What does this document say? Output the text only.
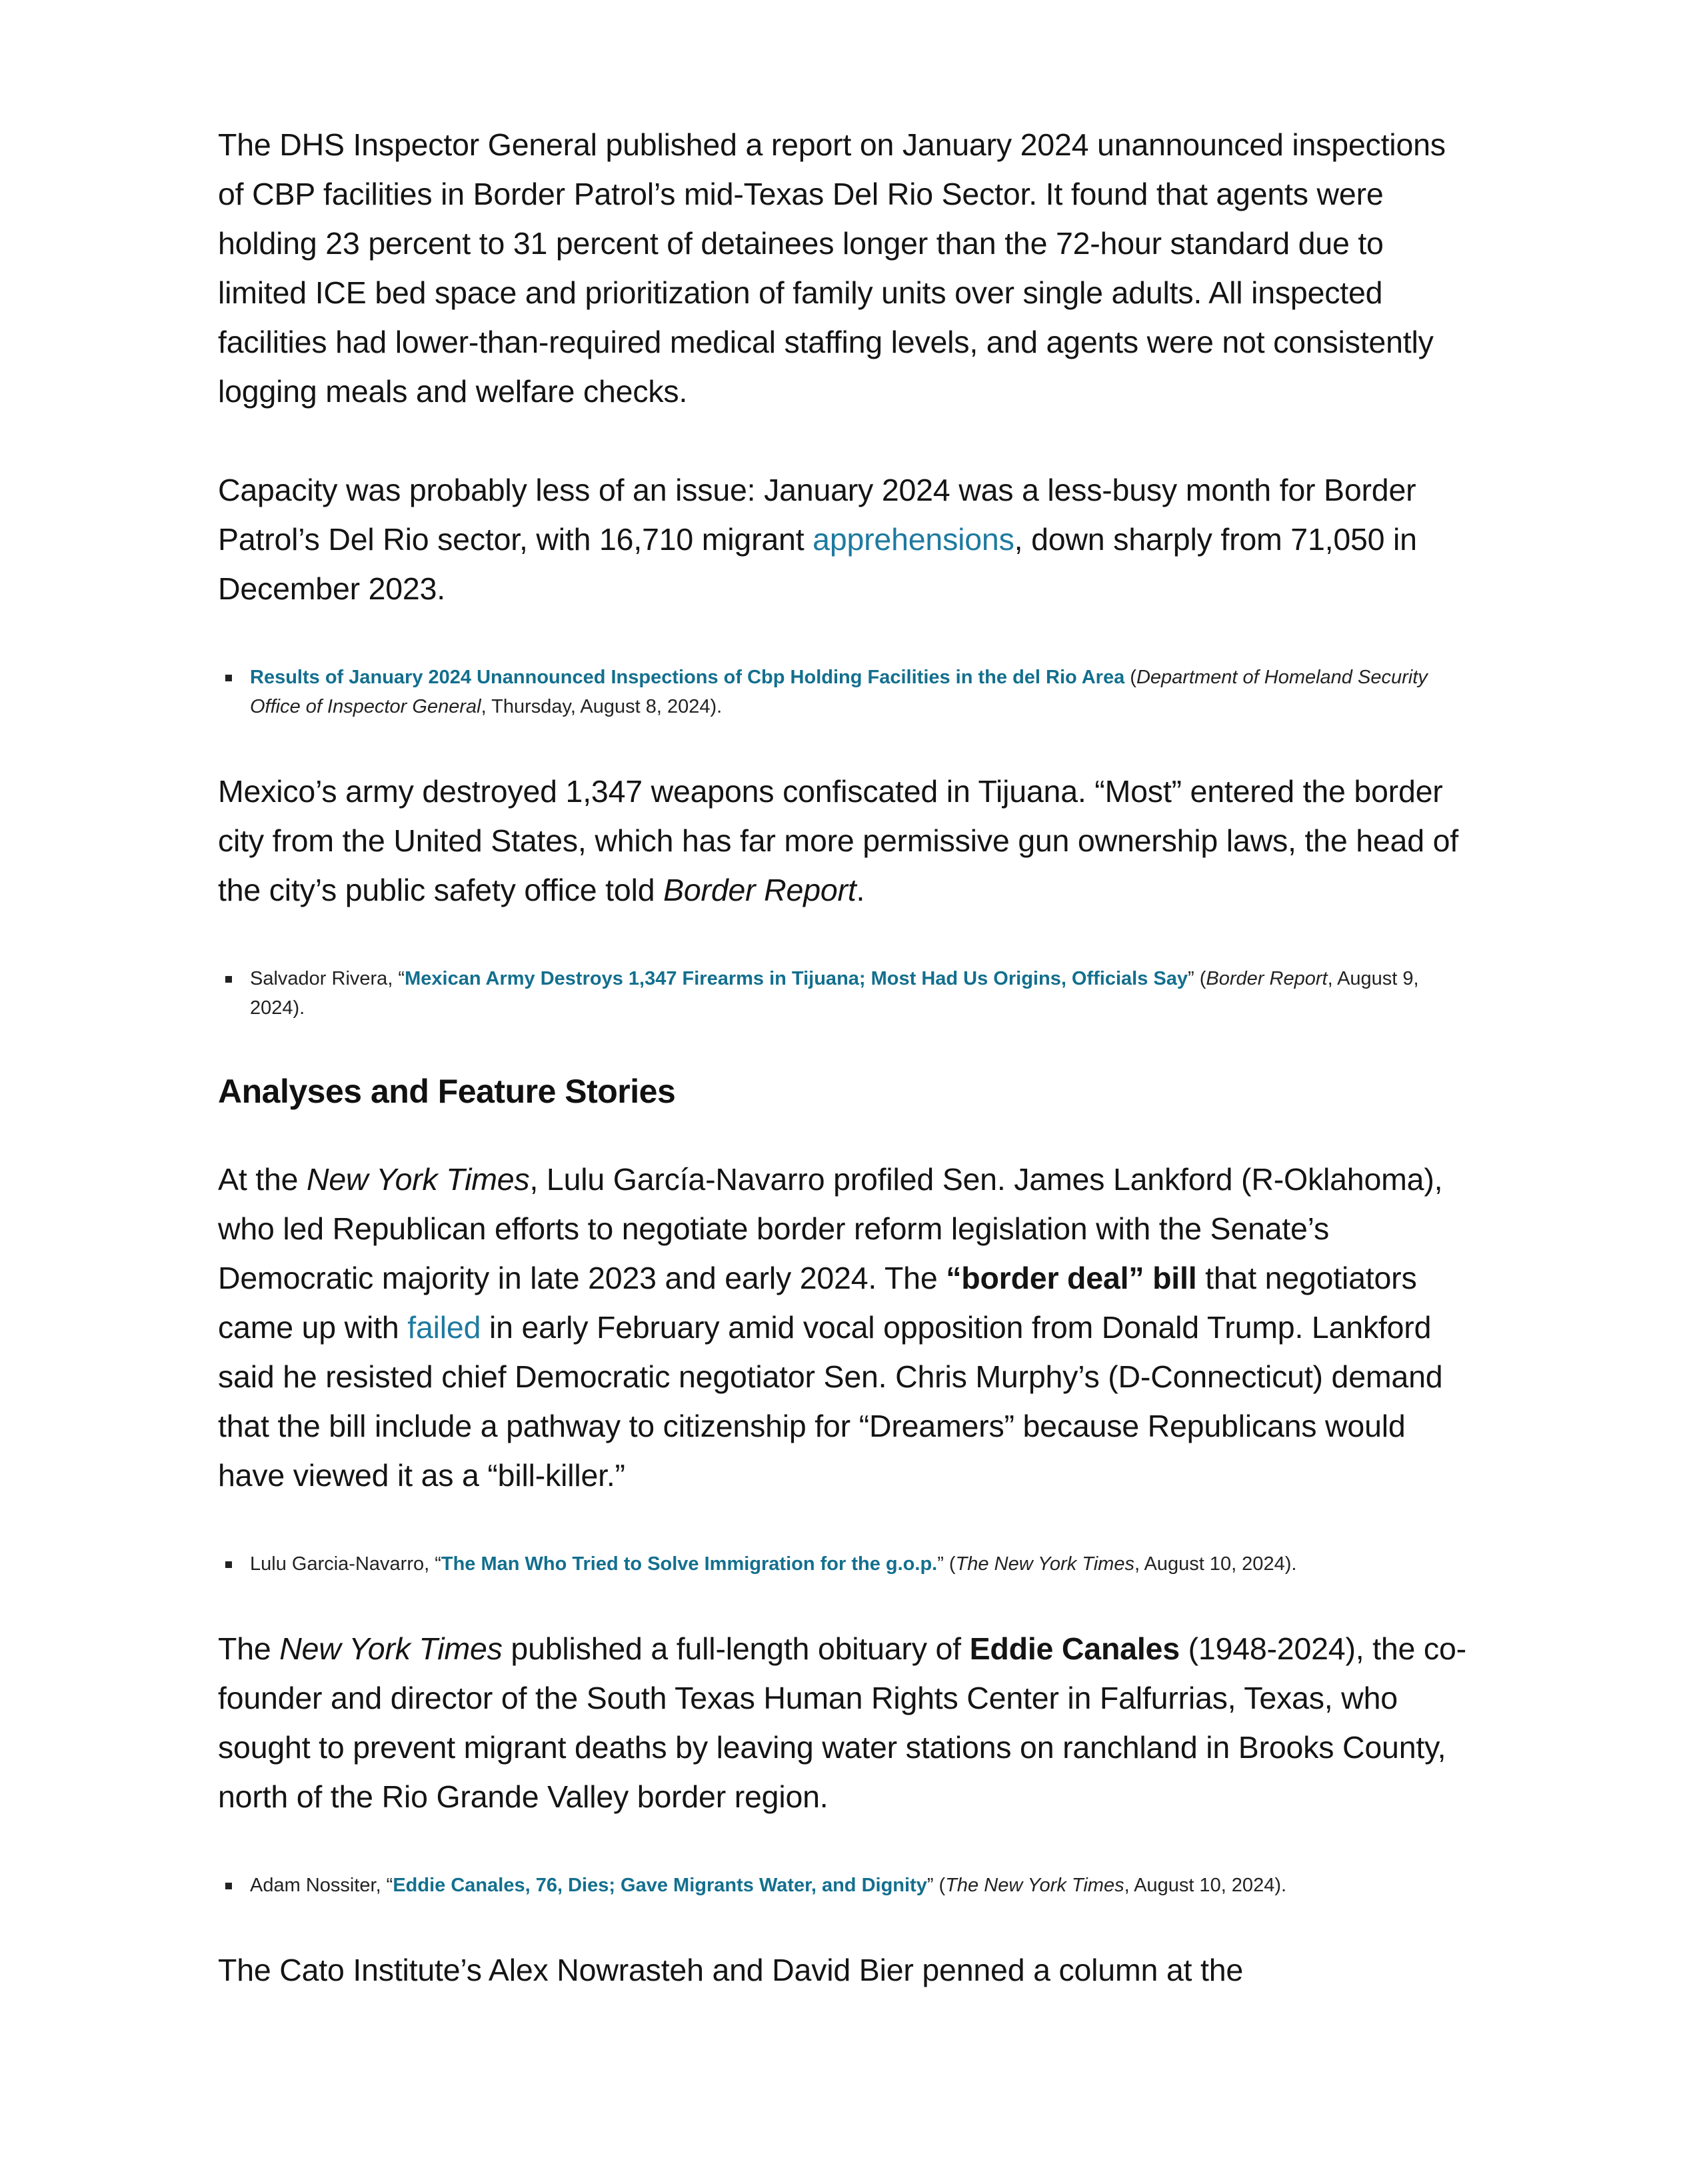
The DHS Inspector General published a report on January 2024 unannounced inspections of CBP facilities in Border Patrol’s mid-Texas Del Rio Sector. It found that agents were holding 23 percent to 31 percent of detainees longer than the 72-hour standard due to limited ICE bed space and prioritization of family units over single adults. All inspected facilities had lower-than-required medical staffing levels, and agents were not consistently logging meals and welfare checks.

Capacity was probably less of an issue: January 2024 was a less-busy month for Border Patrol’s Del Rio sector, with 16,710 migrant apprehensions, down sharply from 71,050 in December 2023.

Results of January 2024 Unannounced Inspections of Cbp Holding Facilities in the del Rio Area (Department of Homeland Security Office of Inspector General, Thursday, August 8, 2024).

Mexico’s army destroyed 1,347 weapons confiscated in Tijuana. “Most” entered the border city from the United States, which has far more permissive gun ownership laws, the head of the city’s public safety office told Border Report.

Salvador Rivera, “Mexican Army Destroys 1,347 Firearms in Tijuana; Most Had Us Origins, Officials Say” (Border Report, August 9, 2024).
Analyses and Feature Stories

At the New York Times, Lulu García-Navarro profiled Sen. James Lankford (R-Oklahoma), who led Republican efforts to negotiate border reform legislation with the Senate’s Democratic majority in late 2023 and early 2024. The “border deal” bill that negotiators came up with failed in early February amid vocal opposition from Donald Trump. Lankford said he resisted chief Democratic negotiator Sen. Chris Murphy’s (D-Connecticut) demand that the bill include a pathway to citizenship for “Dreamers” because Republicans would have viewed it as a “bill-killer.”

Lulu Garcia-Navarro, “The Man Who Tried to Solve Immigration for the g.o.p.” (The New York Times, August 10, 2024).

The New York Times published a full-length obituary of Eddie Canales (1948-2024), the co-founder and director of the South Texas Human Rights Center in Falfurrias, Texas, who sought to prevent migrant deaths by leaving water stations on ranchland in Brooks County, north of the Rio Grande Valley border region.

Adam Nossiter, “Eddie Canales, 76, Dies; Gave Migrants Water, and Dignity” (The New York Times, August 10, 2024).

The Cato Institute’s Alex Nowrasteh and David Bier penned a column at the
